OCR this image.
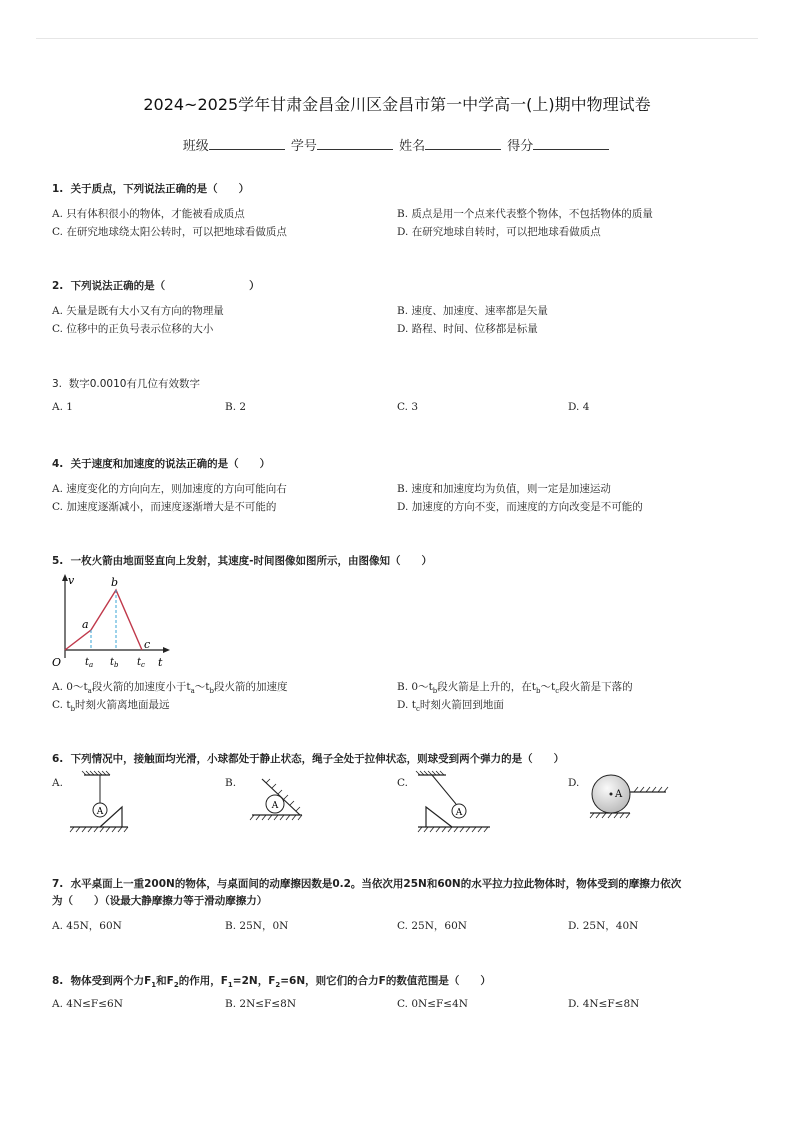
2024~2025学年甘肃金昌金川区金昌市第一中学高一(上)期中物理试卷
班级	学号	姓名	得分
1. 关于质点，下列说法正确的是（　　）
A. 只有体积很小的物体，才能被看成质点	B. 质点是用一个点来代表整个物体，不包括物体的质量
C. 在研究地球绕太阳公转时，可以把地球看做质点	D. 在研究地球自转时，可以把地球看做质点
2. 下列说法正确的是（　　　　　　　　）
A. 矢量是既有大小又有方向的物理量	B. 速度、加速度、速率都是矢量
C. 位移中的正负号表示位移的大小	D. 路程、时间、位移都是标量
3. 数字0.0010有几位有效数字
A. 1	B. 2	C. 3	D. 4
4. 关于速度和加速度的说法正确的是（　　）
A. 速度变化的方向向左，则加速度的方向可能向右	B. 速度和加速度均为负值，则一定是加速运动
C. 加速度逐渐减小，而速度逐渐增大是不可能的	D. 加速度的方向不变，而速度的方向改变是不可能的
5. 一枚火箭由地面竖直向上发射，其速度-时间图像如图所示，由图像知（　　）
v
t
O
a
b
c
$t_a$ $t_b$ $t_c$
A. $0\sim t_a$段火箭的加速度小于$t_a\sim t_b$段火箭的加速度	B. $0\sim t_b$段火箭是上升的，在$t_b\sim t_c$段火箭是下落的
C. $t_b$时刻火箭离地面最远	D. $t_c$时刻火箭回到地面
6. 下列情况中，接触面均光滑，小球都处于静止状态，绳子全处于拉伸状态，则球受到两个弹力的是（　　）
A.	B.	C.	D.
A
A
A
A
7. 水平桌面上一重200N的物体，与桌面间的动摩擦因数是0.2。当依次用25N和60N的水平拉力拉此物体时，物体受到的摩擦力依次
为（　　）（设最大静摩擦力等于滑动摩擦力）
A. 45N，60N	B. 25N，0N	C. 25N，60N	D. 25N，40N
8. 物体受到两个力$F_1$和$F_2$的作用，$F_1=2N$，$F_2=6N$，则它们的合力F的数值范围是（　　）
A. 4N≤F≤6N	B. 2N≤F≤8N	C. 0N≤F≤4N	D. 4N≤F≤8N
